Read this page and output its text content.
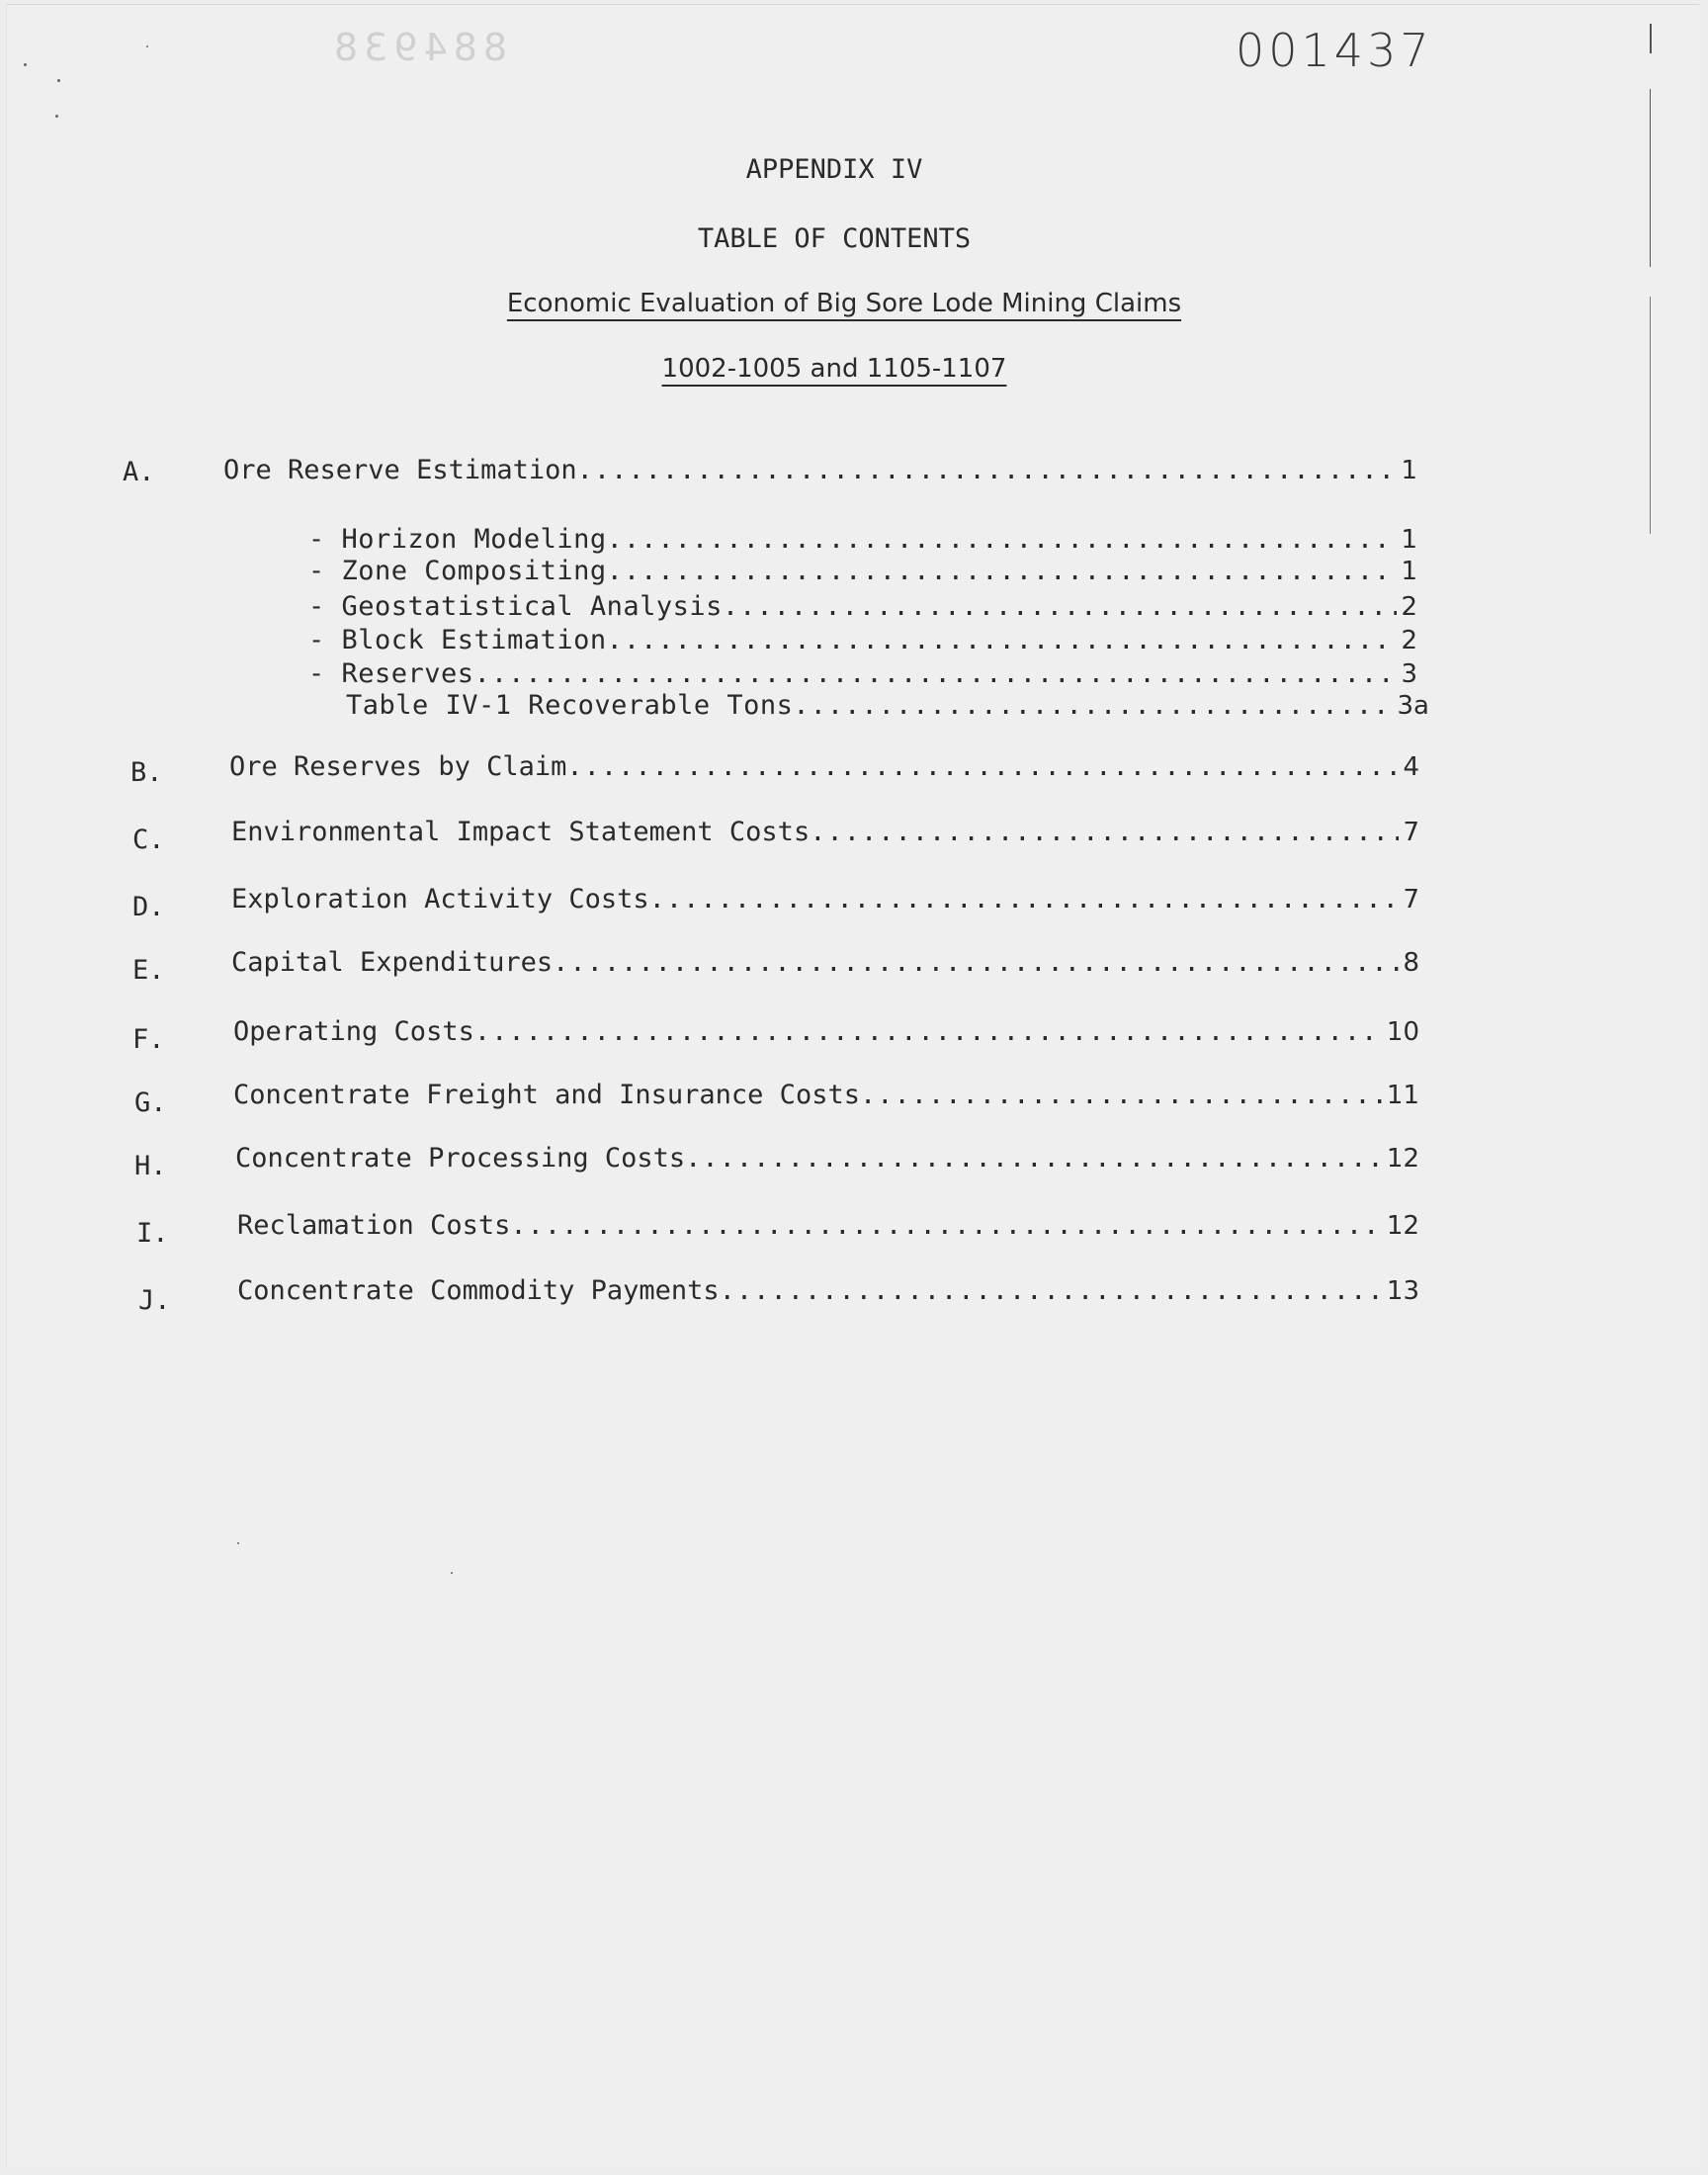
884938	001437
APPENDIX IV
TABLE OF CONTENTS
Economic Evaluation of Big Sore Lode Mining Claims
1002-1005 and 1105-1107
A.	Ore Reserve Estimation .....	1
- Horizon Modeling .....	1
- Zone Compositing .....	1
- Geostatistical Analysis .....	2
- Block Estimation .....	2
- Reserves .....	3
Table IV-1 Recoverable Tons .....	3a
B. Ore Reserves by Claim .....	4
C. Environmental Impact Statement Costs .....	7
D. Exploration Activity Costs .....	7
E. Capital Expenditures .....	8
F.	Operating Costs .....	10
G. Concentrate Freight and Insurance Costs .....	11
H.	Concentrate Processing Costs .....	12
I.	Reclamation Costs .....	12
J. Concentrate Commodity Payments .....	13
